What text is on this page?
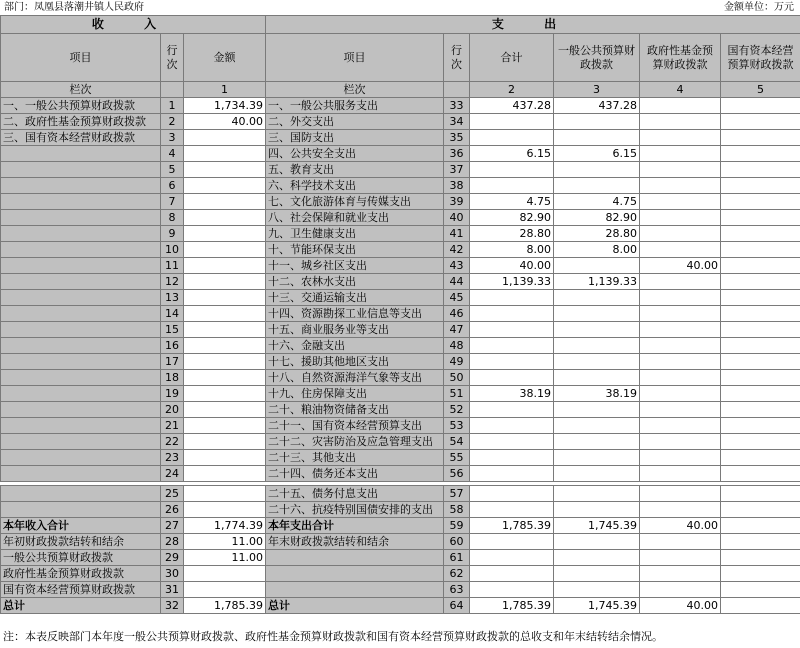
部门：凤凰县落潮井镇人民政府	金额单位：万元
收 入			支 出					
项目	行次	金额	项目	行次	合计	一般公共预算财政拨款	政府性基金预算财政拨款	国有资本经营预算财政拨款
栏次		1	栏次		2	3	4	5
一、一般公共预算财政拨款	1	1,734.39	一、一般公共服务支出	33	437.28	437.28		
二、政府性基金预算财政拨款	2	40.00	二、外交支出	34				
三、国有资本经营财政拨款	3		三、国防支出	35				
	4		四、公共安全支出	36	6.15	6.15		
	5		五、教育支出	37				
	6		六、科学技术支出	38				
	7		七、文化旅游体育与传媒支出	39	4.75	4.75		
	8		八、社会保障和就业支出	40	82.90	82.90		
	9		九、卫生健康支出	41	28.80	28.80		
	10		十、节能环保支出	42	8.00	8.00		
	11		十一、城乡社区支出	43	40.00		40.00	
	12		十二、农林水支出	44	1,139.33	1,139.33		
	13		十三、交通运输支出	45				
	14		十四、资源勘探工业信息等支出	46				
	15		十五、商业服务业等支出	47				
	16		十六、金融支出	48				
	17		十七、援助其他地区支出	49				
	18		十八、自然资源海洋气象等支出	50				
	19		十九、住房保障支出	51	38.19	38.19		
	20		二十、粮油物资储备支出	52				
	21		二十一、国有资本经营预算支出	53				
	22		二十二、灾害防治及应急管理支出	54				
	23		二十三、其他支出	55				
	24		二十四、债务还本支出	56				

	25		二十五、债务付息支出	57				
	26		二十六、抗疫特别国债安排的支出	58				
本年收入合计	27	1,774.39	本年支出合计	59	1,785.39	1,745.39	40.00	
年初财政拨款结转和结余	28	11.00	年末财政拨款结转和结余	60				
一般公共预算财政拨款	29	11.00		61				
政府性基金预算财政拨款	30			62				
国有资本经营预算财政拨款	31			63				
总计	32	1,785.39	总计	64	1,785.39	1,745.39	40.00	
注：本表反映部门本年度一般公共预算财政拨款、政府性基金预算财政拨款和国有资本经营预算财政拨款的总收支和年末结转结余情况。
